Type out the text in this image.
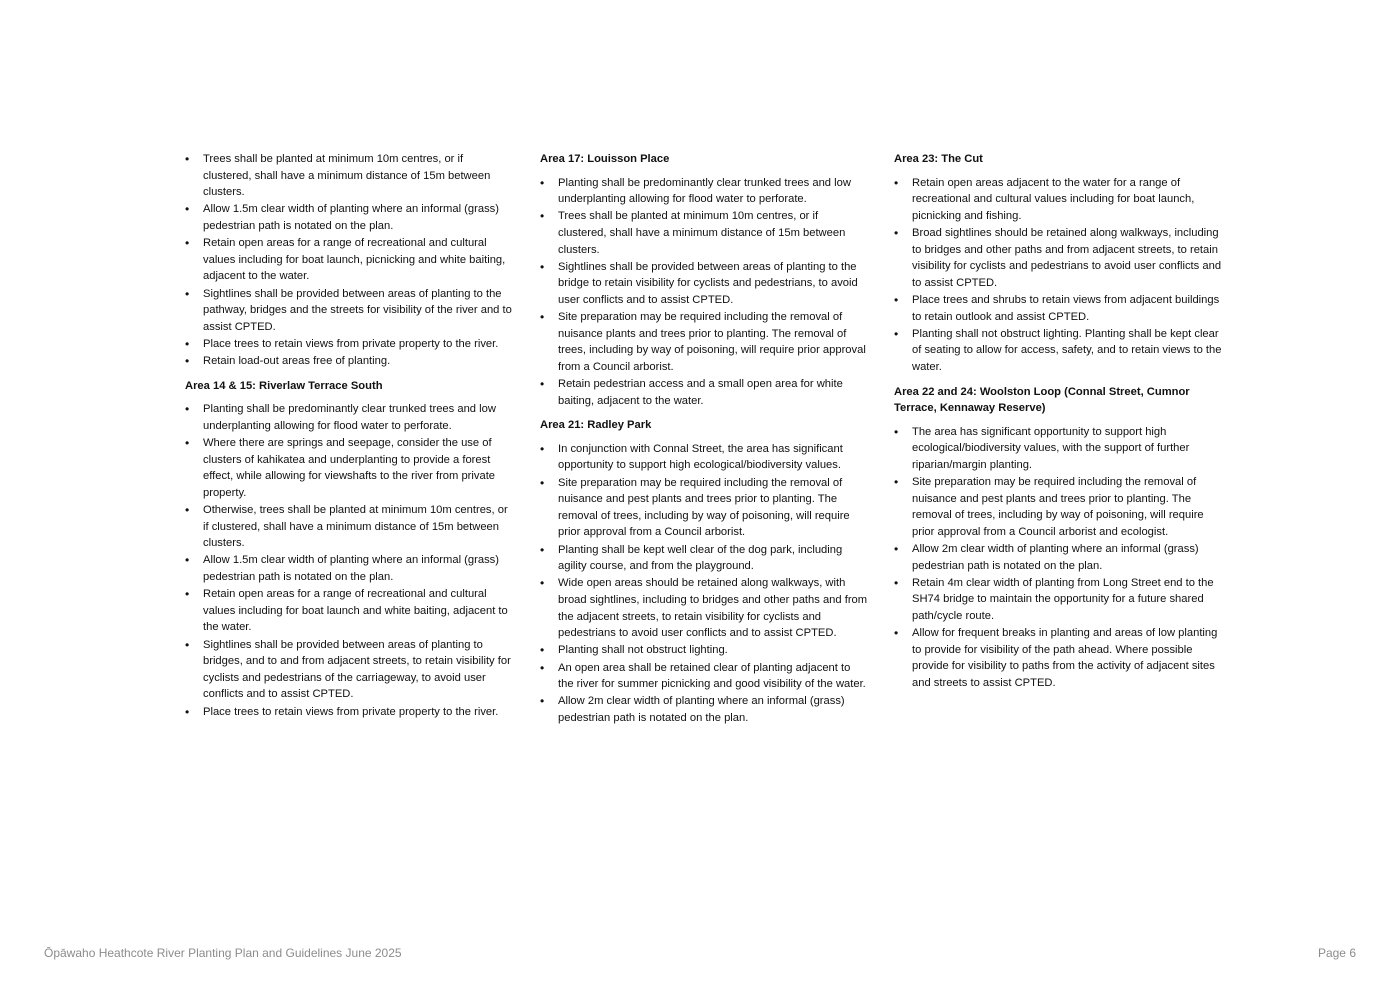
• Trees shall be planted at minimum 10m centres, or if clustered, shall have a minimum distance of 15m between clusters.
• Allow 1.5m clear width of planting where an informal (grass) pedestrian path is notated on the plan.
• Retain open areas for a range of recreational and cultural values including for boat launch, picnicking and white baiting, adjacent to the water.
• Sightlines shall be provided between areas of planting to the pathway, bridges and the streets for visibility of the river and to assist CPTED.
• Place trees to retain views from private property to the river.
• Retain load-out areas free of planting.
Area 14 & 15: Riverlaw Terrace South
• Planting shall be predominantly clear trunked trees and low underplanting allowing for flood water to perforate.
• Where there are springs and seepage, consider the use of clusters of kahikatea and underplanting to provide a forest effect, while allowing for viewshafts to the river from private property.
• Otherwise, trees shall be planted at minimum 10m centres, or if clustered, shall have a minimum distance of 15m between clusters.
• Allow 1.5m clear width of planting where an informal (grass) pedestrian path is notated on the plan.
• Retain open areas for a range of recreational and cultural values including for boat launch and white baiting, adjacent to the water.
• Sightlines shall be provided between areas of planting to bridges, and to and from adjacent streets, to retain visibility for cyclists and pedestrians of the carriageway, to avoid user conflicts and to assist CPTED.
• Place trees to retain views from private property to the river.
Area 17: Louisson Place
• Planting shall be predominantly clear trunked trees and low underplanting allowing for flood water to perforate.
• Trees shall be planted at minimum 10m centres, or if clustered, shall have a minimum distance of 15m between clusters.
• Sightlines shall be provided between areas of planting to the bridge to retain visibility for cyclists and pedestrians, to avoid user conflicts and to assist CPTED.
• Site preparation may be required including the removal of nuisance plants and trees prior to planting. The removal of trees, including by way of poisoning, will require prior approval from a Council arborist.
• Retain pedestrian access and a small open area for white baiting, adjacent to the water.
Area 21: Radley Park
• In conjunction with Connal Street, the area has significant opportunity to support high ecological/biodiversity values.
• Site preparation may be required including the removal of nuisance and pest plants and trees prior to planting. The removal of trees, including by way of poisoning, will require prior approval from a Council arborist.
• Planting shall be kept well clear of the dog park, including agility course, and from the playground.
• Wide open areas should be retained along walkways, with broad sightlines, including to bridges and other paths and from the adjacent streets, to retain visibility for cyclists and pedestrians to avoid user conflicts and to assist CPTED.
• Planting shall not obstruct lighting.
• An open area shall be retained clear of planting adjacent to the river for summer picnicking and good visibility of the water.
• Allow 2m clear width of planting where an informal (grass) pedestrian path is notated on the plan.
Area 23: The Cut
• Retain open areas adjacent to the water for a range of recreational and cultural values including for boat launch, picnicking and fishing.
• Broad sightlines should be retained along walkways, including to bridges and other paths and from adjacent streets, to retain visibility for cyclists and pedestrians to avoid user conflicts and to assist CPTED.
• Place trees and shrubs to retain views from adjacent buildings to retain outlook and assist CPTED.
• Planting shall not obstruct lighting. Planting shall be kept clear of seating to allow for access, safety, and to retain views to the water.
Area 22 and 24: Woolston Loop (Connal Street, Cumnor Terrace, Kennaway Reserve)
• The area has significant opportunity to support high ecological/biodiversity values, with the support of further riparian/margin planting.
• Site preparation may be required including the removal of nuisance and pest plants and trees prior to planting. The removal of trees, including by way of poisoning, will require prior approval from a Council arborist and ecologist.
• Allow 2m clear width of planting where an informal (grass) pedestrian path is notated on the plan.
• Retain 4m clear width of planting from Long Street end to the SH74 bridge to maintain the opportunity for a future shared path/cycle route.
• Allow for frequent breaks in planting and areas of low planting to provide for visibility of the path ahead. Where possible provide for visibility to paths from the activity of adjacent sites and streets to assist CPTED.
Ōpāwaho Heathcote River Planting Plan and Guidelines June 2025	Page 6
